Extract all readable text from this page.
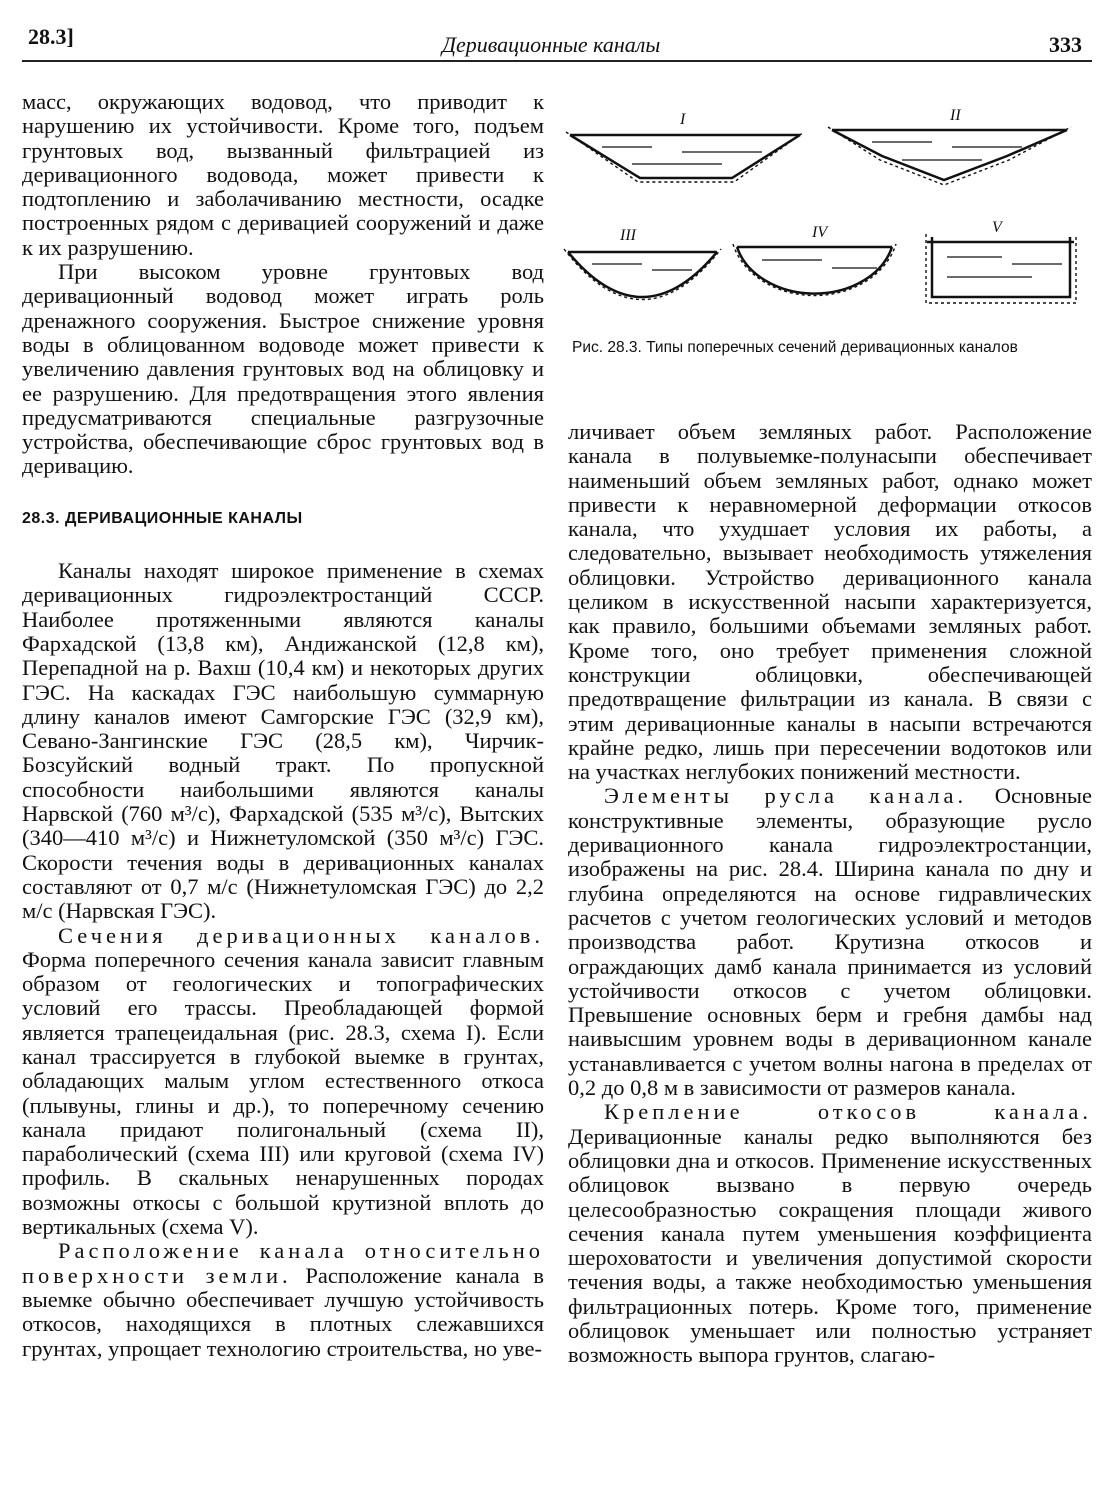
28.3]	Деривационные каналы	333

масс, окружающих водовод, что приводит к нарушению их устойчивости. Кроме того, подъем грунтовых вод, вызванный фильтрацией из деривационного водовода, может привести к подтоплению и заболачиванию местности, осадке построенных рядом с деривацией сооружений и даже к их разрушению.

При высоком уровне грунтовых вод деривационный водовод может играть роль дренажного сооружения. Быстрое снижение уровня воды в облицованном водоводе может привести к увеличению давления грунтовых вод на облицовку и ее разрушению. Для предотвращения этого явления предусматриваются специальные разгрузочные устройства, обеспечивающие сброс грунтовых вод в деривацию.

28.3. ДЕРИВАЦИОННЫЕ КАНАЛЫ

Каналы находят широкое применение в схемах деривационных гидроэлектростанций СССР. Наиболее протяженными являются каналы Фархадской (13,8 км), Андижанской (12,8 км), Перепадной на р. Вахш (10,4 км) и некоторых других ГЭС. На каскадах ГЭС наибольшую суммарную длину каналов имеют Самгорские ГЭС (32,9 км), Севано-Зангинские ГЭС (28,5 км), Чирчик-Бозсуйский водный тракт. По пропускной способности наибольшими являются каналы Нарвской (760 м³/с), Фархадской (535 м³/с), Вытских (340—410 м³/с) и Нижнетуломской (350 м³/с) ГЭС. Скорости течения воды в деривационных каналах составляют от 0,7 м/с (Нижнетуломская ГЭС) до 2,2 м/с (Нарвская ГЭС).

Сечения деривационных каналов. Форма поперечного сечения канала зависит главным образом от геологических и топографических условий его трассы. Преобладающей формой является трапецеидальная (рис. 28.3, схема I). Если канал трассируется в глубокой выемке в грунтах, обладающих малым углом естественного откоса (плывуны, глины и др.), то поперечному сечению канала придают полигональный (схема II), параболический (схема III) или круговой (схема IV) профиль. В скальных ненарушенных породах возможны откосы с большой крутизной вплоть до вертикальных (схема V).

Расположение канала относительно поверхности земли. Расположение канала в выемке обычно обеспечивает лучшую устойчивость откосов, находящихся в плотных слежавшихся грунтах, упрощает технологию строительства, но уве-

I	II
III	IV	V
Рис. 28.3. Типы поперечных сечений деривационных каналов

личивает объем земляных работ. Расположение канала в полувыемке-полунасыпи обеспечивает наименьший объем земляных работ, однако может привести к неравномерной деформации откосов канала, что ухудшает условия их работы, а следовательно, вызывает необходимость утяжеления облицовки. Устройство деривационного канала целиком в искусственной насыпи характеризуется, как правило, большими объемами земляных работ. Кроме того, оно требует применения сложной конструкции облицовки, обеспечивающей предотвращение фильтрации из канала. В связи с этим деривационные каналы в насыпи встречаются крайне редко, лишь при пересечении водотоков или на участках неглубоких понижений местности.

Элементы русла канала. Основные конструктивные элементы, образующие русло деривационного канала гидроэлектростанции, изображены на рис. 28.4. Ширина канала по дну и глубина определяются на основе гидравлических расчетов с учетом геологических условий и методов производства работ. Крутизна откосов и ограждающих дамб канала принимается из условий устойчивости откосов с учетом облицовки. Превышение основных берм и гребня дамбы над наивысшим уровнем воды в деривационном канале устанавливается с учетом волны нагона в пределах от 0,2 до 0,8 м в зависимости от размеров канала.

Крепление откосов канала. Деривационные каналы редко выполняются без облицовки дна и откосов. Применение искусственных облицовок вызвано в первую очередь целесообразностью сокращения площади живого сечения канала путем уменьшения коэффициента шероховатости и увеличения допустимой скорости течения воды, а также необходимостью уменьшения фильтрационных потерь. Кроме того, применение облицовок уменьшает или полностью устраняет возможность выпора грунтов, слагаю-
